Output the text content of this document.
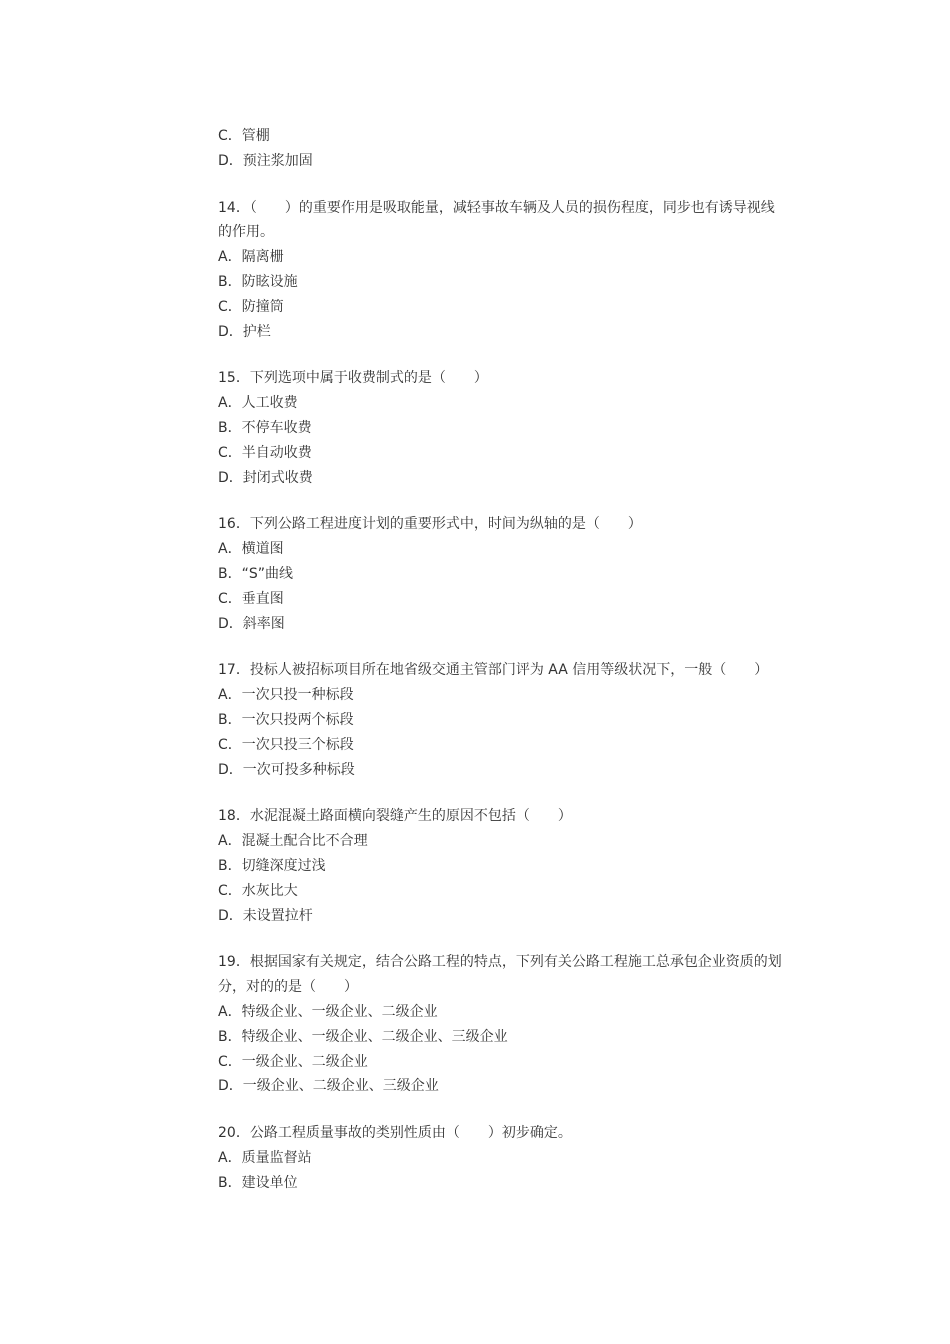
C．管棚

D．预注浆加固

14．（　　）的重要作用是吸取能量，减轻事故车辆及人员的损伤程度，同步也有诱导视线

的作用。

A．隔离栅

B．防眩设施

C．防撞筒

D．护栏

15．下列选项中属于收费制式的是（　　）

A．人工收费

B．不停车收费

C．半自动收费

D．封闭式收费

16．下列公路工程进度计划的重要形式中，时间为纵轴的是（　　）

A．横道图

B．“S”曲线

C．垂直图

D．斜率图

17．投标人被招标项目所在地省级交通主管部门评为 AA 信用等级状况下，一般（　　）

A．一次只投一种标段

B．一次只投两个标段

C．一次只投三个标段

D．一次可投多种标段

18．水泥混凝土路面横向裂缝产生的原因不包括（　　）

A．混凝土配合比不合理

B．切缝深度过浅

C．水灰比大

D．未设置拉杆

19．根据国家有关规定，结合公路工程的特点，下列有关公路工程施工总承包企业资质的划

分，对的的是（　　）

A．特级企业、一级企业、二级企业

B．特级企业、一级企业、二级企业、三级企业

C．一级企业、二级企业

D．一级企业、二级企业、三级企业

20．公路工程质量事故的类别性质由（　　）初步确定。

A．质量监督站

B．建设单位
